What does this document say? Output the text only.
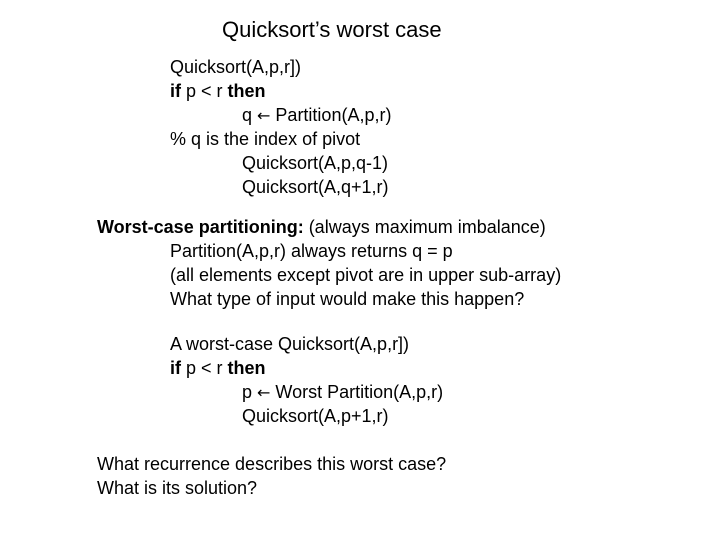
Quicksort’s worst case
Quicksort(A,p,r])
if p < r then
q ← Partition(A,p,r)
% q is the index of pivot
Quicksort(A,p,q-1)
Quicksort(A,q+1,r)
Worst-case partitioning: (always maximum imbalance)
Partition(A,p,r) always returns q = p
(all elements except pivot are in upper sub-array)
What type of input would make this happen?
A worst-case Quicksort(A,p,r])
if p < r then
p ← Worst Partition(A,p,r)
Quicksort(A,p+1,r)
What recurrence describes this worst case?
What is its solution?
